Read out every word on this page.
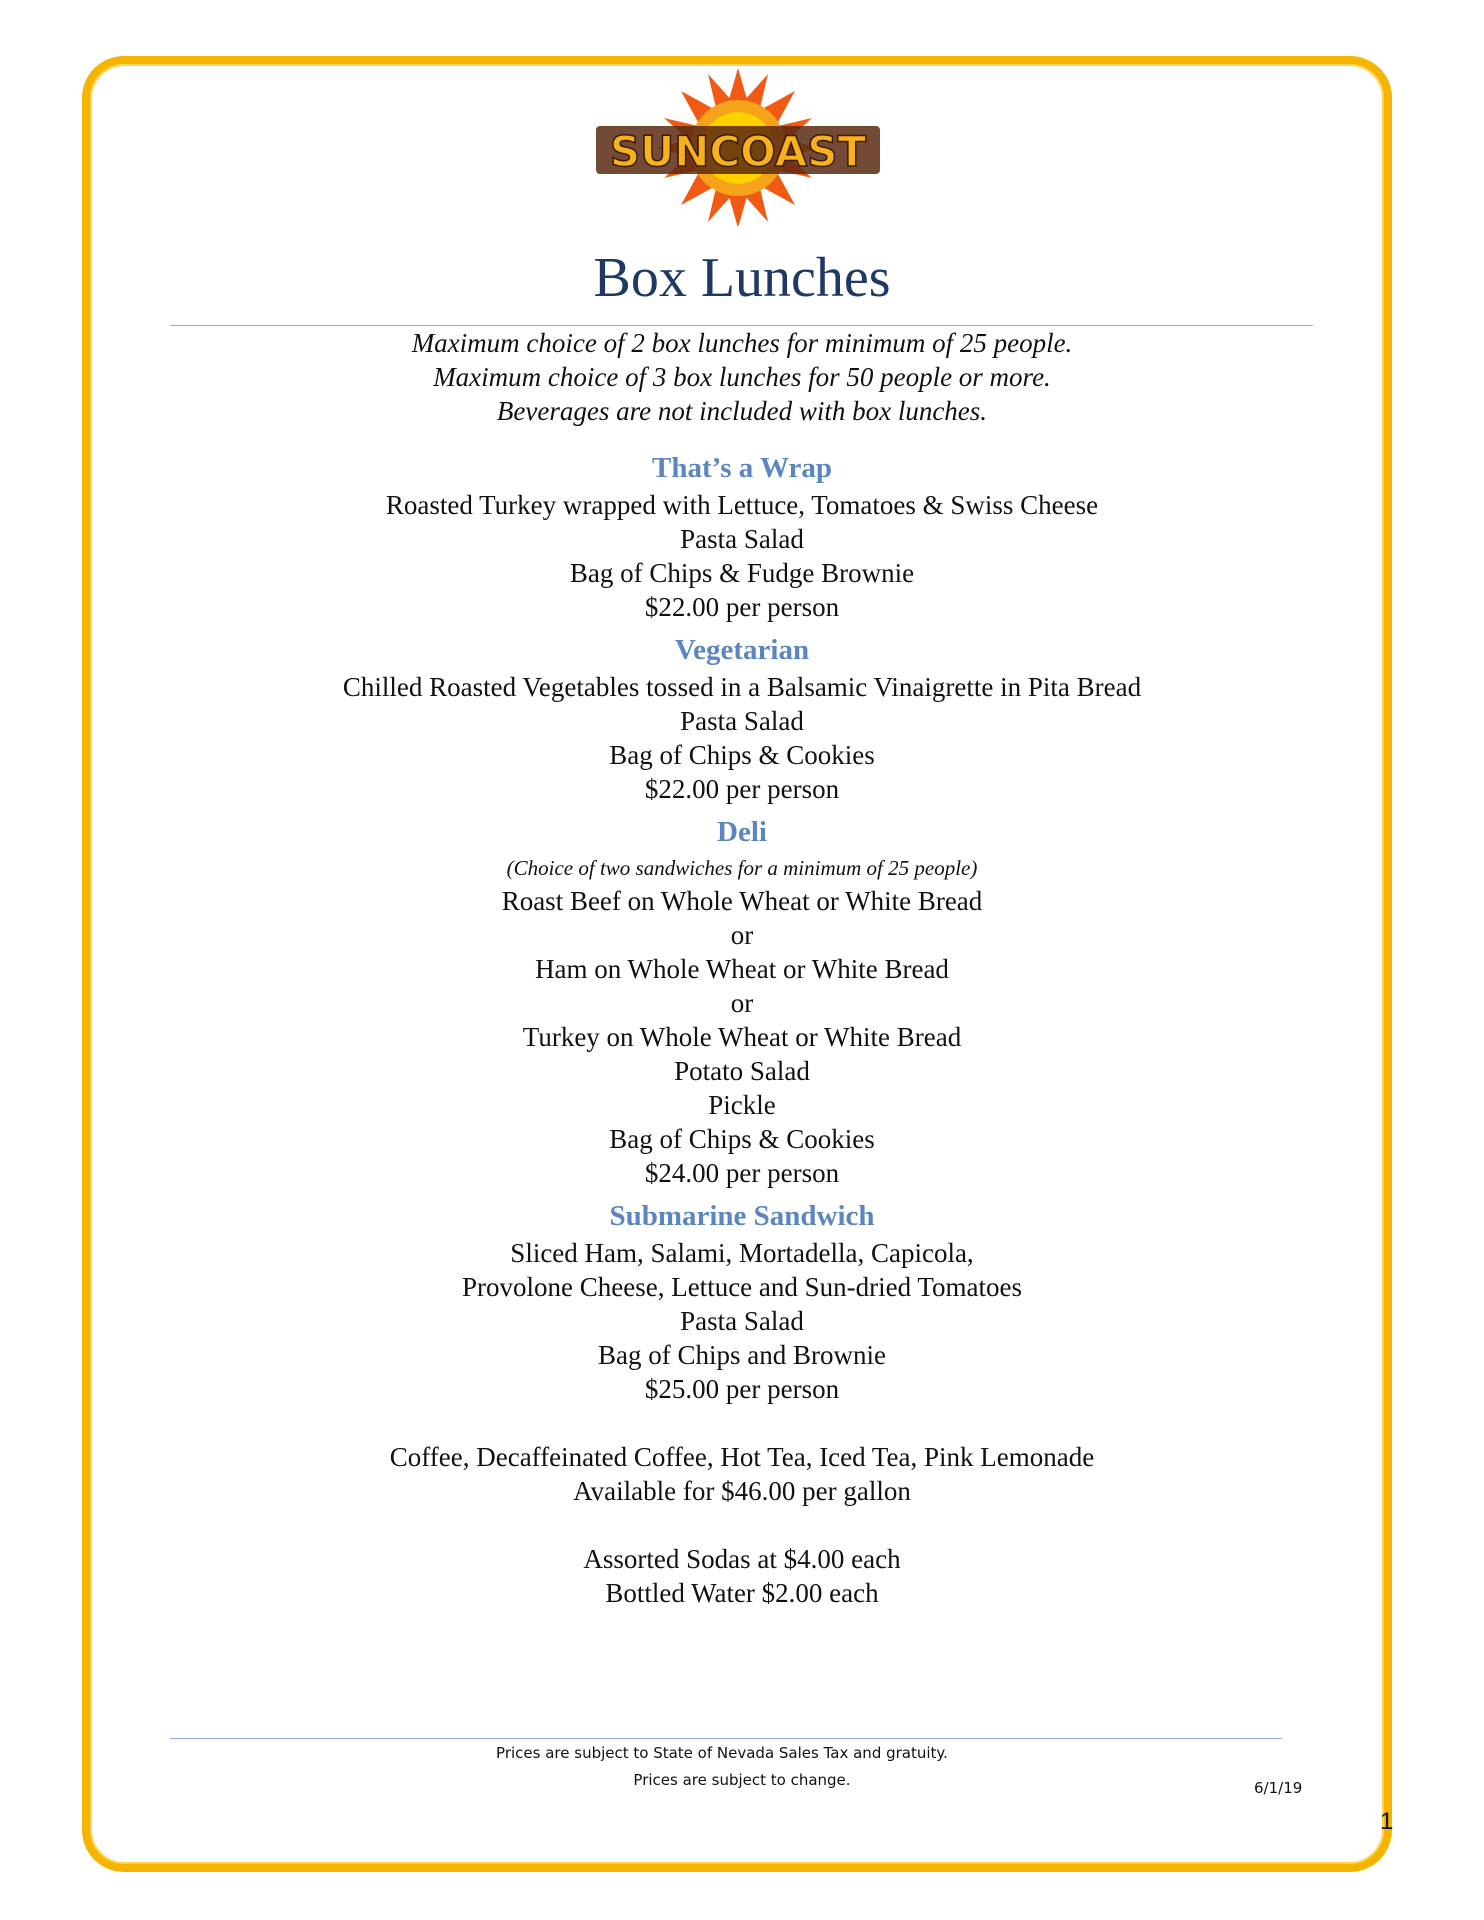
SUNCOAST
Box Lunches
Maximum choice of 2 box lunches for minimum of 25 people.
Maximum choice of 3 box lunches for 50 people or more.
Beverages are not included with box lunches.
That’s a Wrap
Roasted Turkey wrapped with Lettuce, Tomatoes & Swiss Cheese
Pasta Salad
Bag of Chips & Fudge Brownie
$22.00 per person
Vegetarian
Chilled Roasted Vegetables tossed in a Balsamic Vinaigrette in Pita Bread
Pasta Salad
Bag of Chips & Cookies
$22.00 per person
Deli
(Choice of two sandwiches for a minimum of 25 people)
Roast Beef on Whole Wheat or White Bread
or
Ham on Whole Wheat or White Bread
or
Turkey on Whole Wheat or White Bread
Potato Salad
Pickle
Bag of Chips & Cookies
$24.00 per person
Submarine Sandwich
Sliced Ham, Salami, Mortadella, Capicola,
Provolone Cheese, Lettuce and Sun-dried Tomatoes
Pasta Salad
Bag of Chips and Brownie
$25.00 per person
Coffee, Decaffeinated Coffee, Hot Tea, Iced Tea, Pink Lemonade
Available for $46.00 per gallon
Assorted Sodas at $4.00 each
Bottled Water $2.00 each
Prices are subject to State of Nevada Sales Tax and gratuity.
Prices are subject to change.	6/1/19
1
